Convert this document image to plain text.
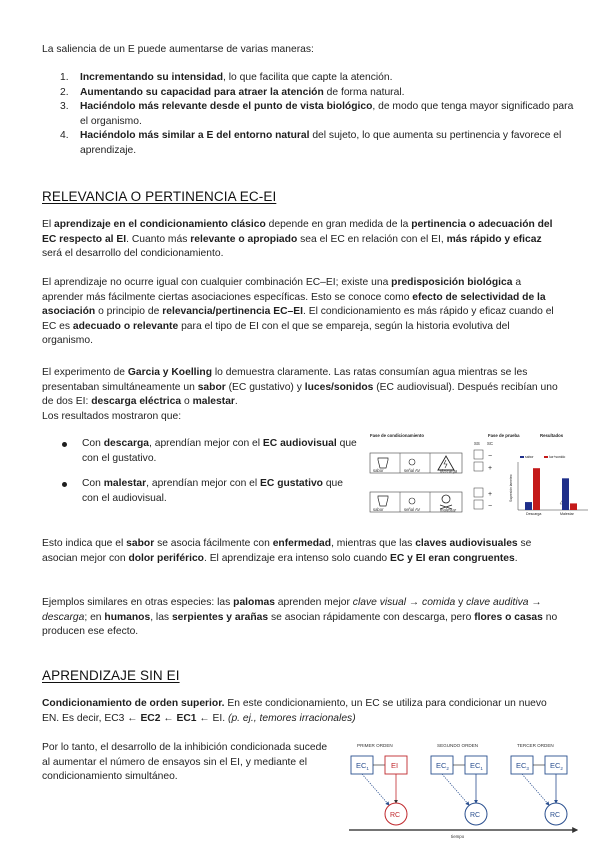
La saliencia de un E puede aumentarse de varias maneras:

1. Incrementando su intensidad, lo que facilita que capte la atención.
2. Aumentando su capacidad para atraer la atención de forma natural.
3. Haciéndolo más relevante desde el punto de vista biológico, de modo que tenga mayor significado para el organismo.
4. Haciéndolo más similar a E del entorno natural del sujeto, lo que aumenta su pertinencia y favorece el aprendizaje.
RELEVANCIA O PERTINENCIA EC-EI

El aprendizaje en el condicionamiento clásico depende en gran medida de la pertinencia o adecuación del EC respecto al EI. Cuanto más relevante o apropiado sea el EC en relación con el EI, más rápido y eficaz será el desarrollo del condicionamiento.

El aprendizaje no ocurre igual con cualquier combinación EC–EI; existe una predisposición biológica a aprender más fácilmente ciertas asociaciones específicas. Esto se conoce como efecto de selectividad de la asociación o principio de relevancia/pertinencia EC–EI. El condicionamiento es más rápido y eficaz cuando el EC es adecuado o relevante para el tipo de EI con el que se empareja, según la historia evolutiva del organismo.

El experimento de Garcia y Koelling lo demuestra claramente. Las ratas consumían agua mientras se les presentaban simultáneamente un sabor (EC gustativo) y luces/sonidos (EC audiovisual). Después recibían uno de dos EI: descarga eléctrica o malestar.
Los resultados mostraron que:

Con descarga, aprendían mejor con el EC audiovisual que con el gustativo.
Con malestar, aprendían mejor con el EC gustativo que con el audiovisual.
Fase de condicionamiento	Fase de prueba	Resultados
sabor	señal AV	descarga
sabor	señal AV	malestar
SS SC
−
+
+
−
sabor	luz+sonido
Supresión lameteo
Descarga	Malestar

Esto indica que el sabor se asocia fácilmente con enfermedad, mientras que las claves audiovisuales se asocian mejor con dolor periférico. El aprendizaje era intenso solo cuando EC y EI eran congruentes.

Ejemplos similares en otras especies: las palomas aprenden mejor clave visual → comida y clave auditiva → descarga; en humanos, las serpientes y arañas se asocian rápidamente con descarga, pero flores o casas no producen ese efecto.

APRENDIZAJE SIN EI

Condicionamiento de orden superior. En este condicionamiento, un EC se utiliza para condicionar un nuevo EN. Es decir, EC3 ← EC2 ← EC1 ← EI. (p. ej., temores irracionales)

Por lo tanto, el desarrollo de la inhibición condicionada sucede al aumentar el número de ensayos sin el EI, y mediante el condicionamiento simultáneo.

PRIMER ORDEN	SEGUNDO ORDEN	TERCER ORDEN
$EC_1$	EI
RC
$EC_2$	$EC_1$
RC
$EC_3$	$EC_2$
RC
tiempo
